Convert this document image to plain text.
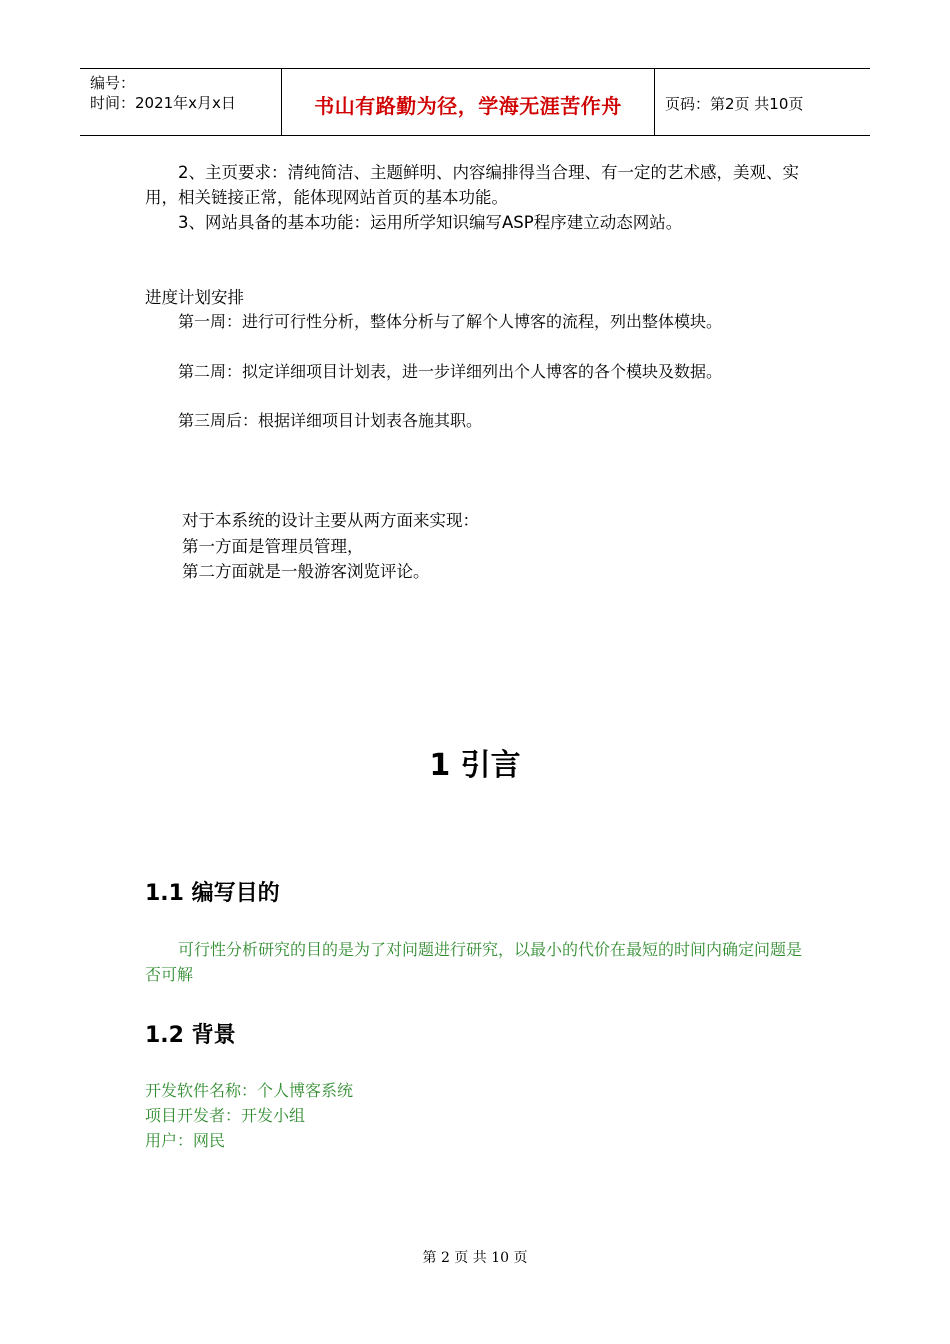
编号：
时间：2021年x月x日	书山有路勤为径，学海无涯苦作舟	页码：第2页 共10页

2、主页要求：清纯简洁、主题鲜明、内容编排得当合理、有一定的艺术感，美观、实用，相关链接正常，能体现网站首页的基本功能。

3、网站具备的基本功能：运用所学知识编写ASP程序建立动态网站。

进度计划安排

第一周：进行可行性分析，整体分析与了解个人博客的流程，列出整体模块。

第二周：拟定详细项目计划表，进一步详细列出个人博客的各个模块及数据。

第三周后：根据详细项目计划表各施其职。

对于本系统的设计主要从两方面来实现：

第一方面是管理员管理，

第二方面就是一般游客浏览评论。

1 引言
1.1 编写目的

可行性分析研究的目的是为了对问题进行研究，以最小的代价在最短的时间内确定问题是否可解

1.2 背景

开发软件名称：个人博客系统

项目开发者：开发小组

用户：网民

第 2 页 共 10 页
